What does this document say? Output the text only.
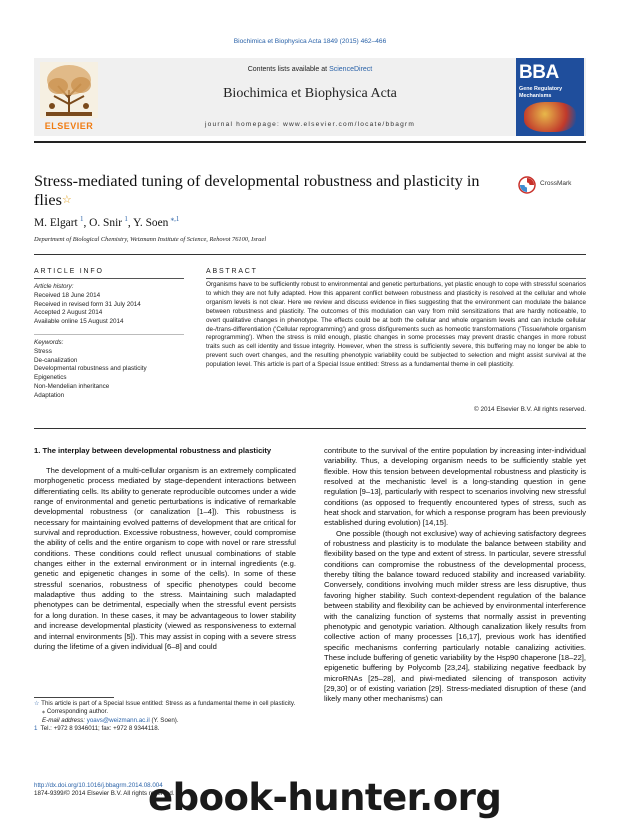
Biochimica et Biophysica Acta 1849 (2015) 462–466
ELSEVIER
Contents lists available at ScienceDirect
Biochimica et Biophysica Acta
journal homepage: www.elsevier.com/locate/bbagrm
BBA
Gene Regulatory Mechanisms
Stress-mediated tuning of developmental robustness and plasticity in flies☆
CrossMark
M. Elgart  $^1$, O. Snir  $^1$, Y. Soen  $^{⁎,1}$
Department of Biological Chemistry, Weizmann Institute of Science, Rehovot 76100, Israel
ARTICLE INFO
Article history:
Received 18 June 2014
Received in revised form 31 July 2014
Accepted 2 August 2014
Available online 15 August 2014
Keywords:
Stress
De-canalization
Developmental robustness and plasticity
Epigenetics
Non-Mendelian inheritance
Adaptation
ABSTRACT
Organisms have to be sufficiently robust to environmental and genetic perturbations, yet plastic enough to cope with stressful scenarios to which they are not fully adapted. How this apparent conflict between robustness and plasticity is resolved at the cellular and whole organism levels is not clear. Here we review and discuss evidence in flies suggesting that the environment can modulate the balance between robustness and plasticity. The outcomes of this modulation can vary from mild sensitizations that are hardly noticeable, to overt qualitative changes in phenotype. The effects could be at both the cellular and whole organism levels and can include cellular de-/trans-differentiation ('Cellular reprogramming') and gross disfigurements such as homeotic transformations ('Tissue/whole organism reprogramming'). When the stress is mild enough, plastic changes in some processes may prevent drastic changes in more robust traits such as cell identity and tissue integrity. However, when the stress is sufficiently severe, this buffering may no longer be able to prevent such overt changes, and the resulting phenotypic variability could be subjected to selection and might assist survival at the population level. This article is part of a Special Issue entitled: Stress as a fundamental theme in cell plasticity.
© 2014 Elsevier B.V. All rights reserved.
1. The interplay between developmental robustness and plasticity

The development of a multi-cellular organism is an extremely complicated morphogenetic process mediated by stage-dependent interactions between differentiating cells. Its ability to generate reproducible outcomes under a wide range of environmental and genetic perturbations is indicative of remarkable developmental robustness (or canalization [1–4]). This robustness is necessary for maintaining evolved patterns of development that are critical for survival and reproduction. Excessive robustness, however, could compromise the ability of cells and the entire organism to cope with novel or rare stressful conditions. These conditions could reflect unusual combinations of stable changes either in the external environment or in internal ingredients (e.g. genetic and epigenetic changes in some of the cells). In some of these stressful scenarios, robustness of specific phenotypes could become maladaptive thus adding to the stress. Maintaining such maladapted phenotypes can be detrimental, especially when the stressful event persists for a long duration. In these cases, it may be advantageous to lower stability and increase developmental plasticity (viewed as responsiveness to external and internal environments [5]). This may assist in coping with a severe stress during the lifetime of a given individual [6–8] and could

contribute to the survival of the entire population by increasing inter-individual variability. Thus, a developing organism needs to be sufficiently stable yet flexible. How this tension between developmental robustness and plasticity is resolved at the mechanistic level is a long-standing question in gene regulation [9–13], particularly with respect to scenarios involving new stressful conditions (as opposed to frequently encountered types of stress, such as heat shock and starvation, for which a response program has been previously established during evolution) [14,15].

One possible (though not exclusive) way of achieving satisfactory degrees of robustness and plasticity is to modulate the balance between stability and flexibility based on the type and extent of stress. In particular, severe stressful conditions can compromise the robustness of the developmental process, thereby tilting the balance toward reduced stability and increased variability. Conversely, conditions involving much milder stress are less disruptive, thus favoring higher stability. Such context-dependent regulation of the balance between stability and flexibility can be achieved by environmental interference with the canalizing function of systems that normally assist in preventing phenotypic and genotypic variation. Although canalization likely results from collective action of many processes [16,17], previous work has identified specific mechanisms conferring particularly notable canalizing activities. These include buffering of genetic variability by the Hsp90 chaperone [18–22], epigenetic buffering by Polycomb [23,24], stabilizing negative feedback by microRNAs [25–28], and piwi-mediated silencing of transposon activity [29,30] or of existing variation [29]. Stress-mediated disruption of these (and likely many other mechanisms) can

☆ This article is part of a Special Issue entitled: Stress as a fundamental theme in cell plasticity.
⁎ Corresponding author.
E-mail address: yoavs@weizmann.ac.il (Y. Soen).
1  Tel.: +972 8 9346011; fax: +972 8 9344118.
http://dx.doi.org/10.1016/j.bbagrm.2014.08.004
1874-9399/© 2014 Elsevier B.V. All rights reserved.
ebook-hunter.org
